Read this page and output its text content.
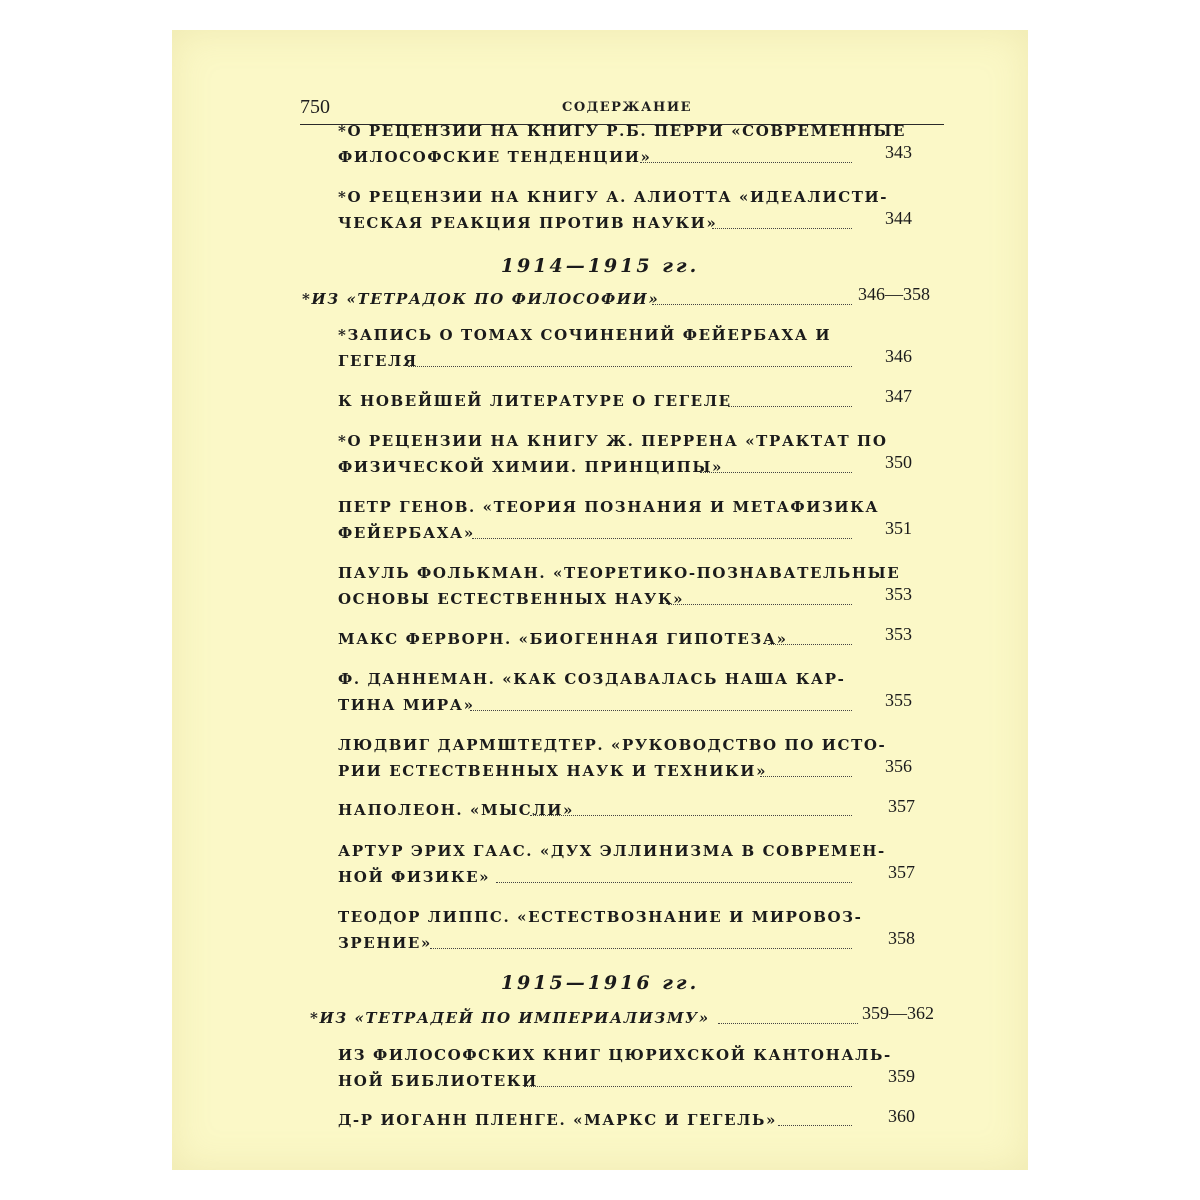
750	СОДЕРЖАНИЕ
*О РЕЦЕНЗИИ НА КНИГУ Р.Б. ПЕРРИ «СОВРЕМЕННЫЕ
ФИЛОСОФСКИЕ ТЕНДЕНЦИИ»	343
*О РЕЦЕНЗИИ НА КНИГУ А. АЛИОТТА «ИДЕАЛИСТИ-
ЧЕСКАЯ РЕАКЦИЯ ПРОТИВ НАУКИ»	344
1914—1915 гг.
*ИЗ «ТЕТРАДОК ПО ФИЛОСОФИИ»	346—358
*ЗАПИСЬ О ТОМАХ СОЧИНЕНИЙ ФЕЙЕРБАХА И
ГЕГЕЛЯ	346
К НОВЕЙШЕЙ ЛИТЕРАТУРЕ О ГЕГЕЛЕ	347
*О РЕЦЕНЗИИ НА КНИГУ Ж. ПЕРРЕНА «ТРАКТАТ ПО
ФИЗИЧЕСКОЙ ХИМИИ. ПРИНЦИПЫ»	350
ПЕТР ГЕНОВ. «ТЕОРИЯ ПОЗНАНИЯ И МЕТАФИЗИКА
ФЕЙЕРБАХА»	351
ПАУЛЬ ФОЛЬКМАН. «ТЕОРЕТИКО-ПОЗНАВАТЕЛЬНЫЕ
ОСНОВЫ ЕСТЕСТВЕННЫХ НАУК»	353
МАКС ФЕРВОРН. «БИОГЕННАЯ ГИПОТЕЗА»	353
Ф. ДАННЕМАН. «КАК СОЗДАВАЛАСЬ НАША КАР-
ТИНА МИРА»	355
ЛЮДВИГ ДАРМШТЕДТЕР. «РУКОВОДСТВО ПО ИСТО-
РИИ ЕСТЕСТВЕННЫХ НАУК И ТЕХНИКИ»	356
НАПОЛЕОН. «МЫСЛИ»	357
АРТУР ЭРИХ ГААС. «ДУХ ЭЛЛИНИЗМА В СОВРЕМЕН-
НОЙ ФИЗИКЕ»	357
ТЕОДОР ЛИППС. «ЕСТЕСТВОЗНАНИЕ И МИРОВОЗ-
ЗРЕНИЕ»	358
1915—1916 гг.
*ИЗ «ТЕТРАДЕЙ ПО ИМПЕРИАЛИЗМУ»	359—362
ИЗ ФИЛОСОФСКИХ КНИГ ЦЮРИХСКОЙ КАНТОНАЛЬ-
НОЙ БИБЛИОТЕКИ	359
Д-Р ИОГАНН ПЛЕНГЕ. «МАРКС И ГЕГЕЛЬ»	360
